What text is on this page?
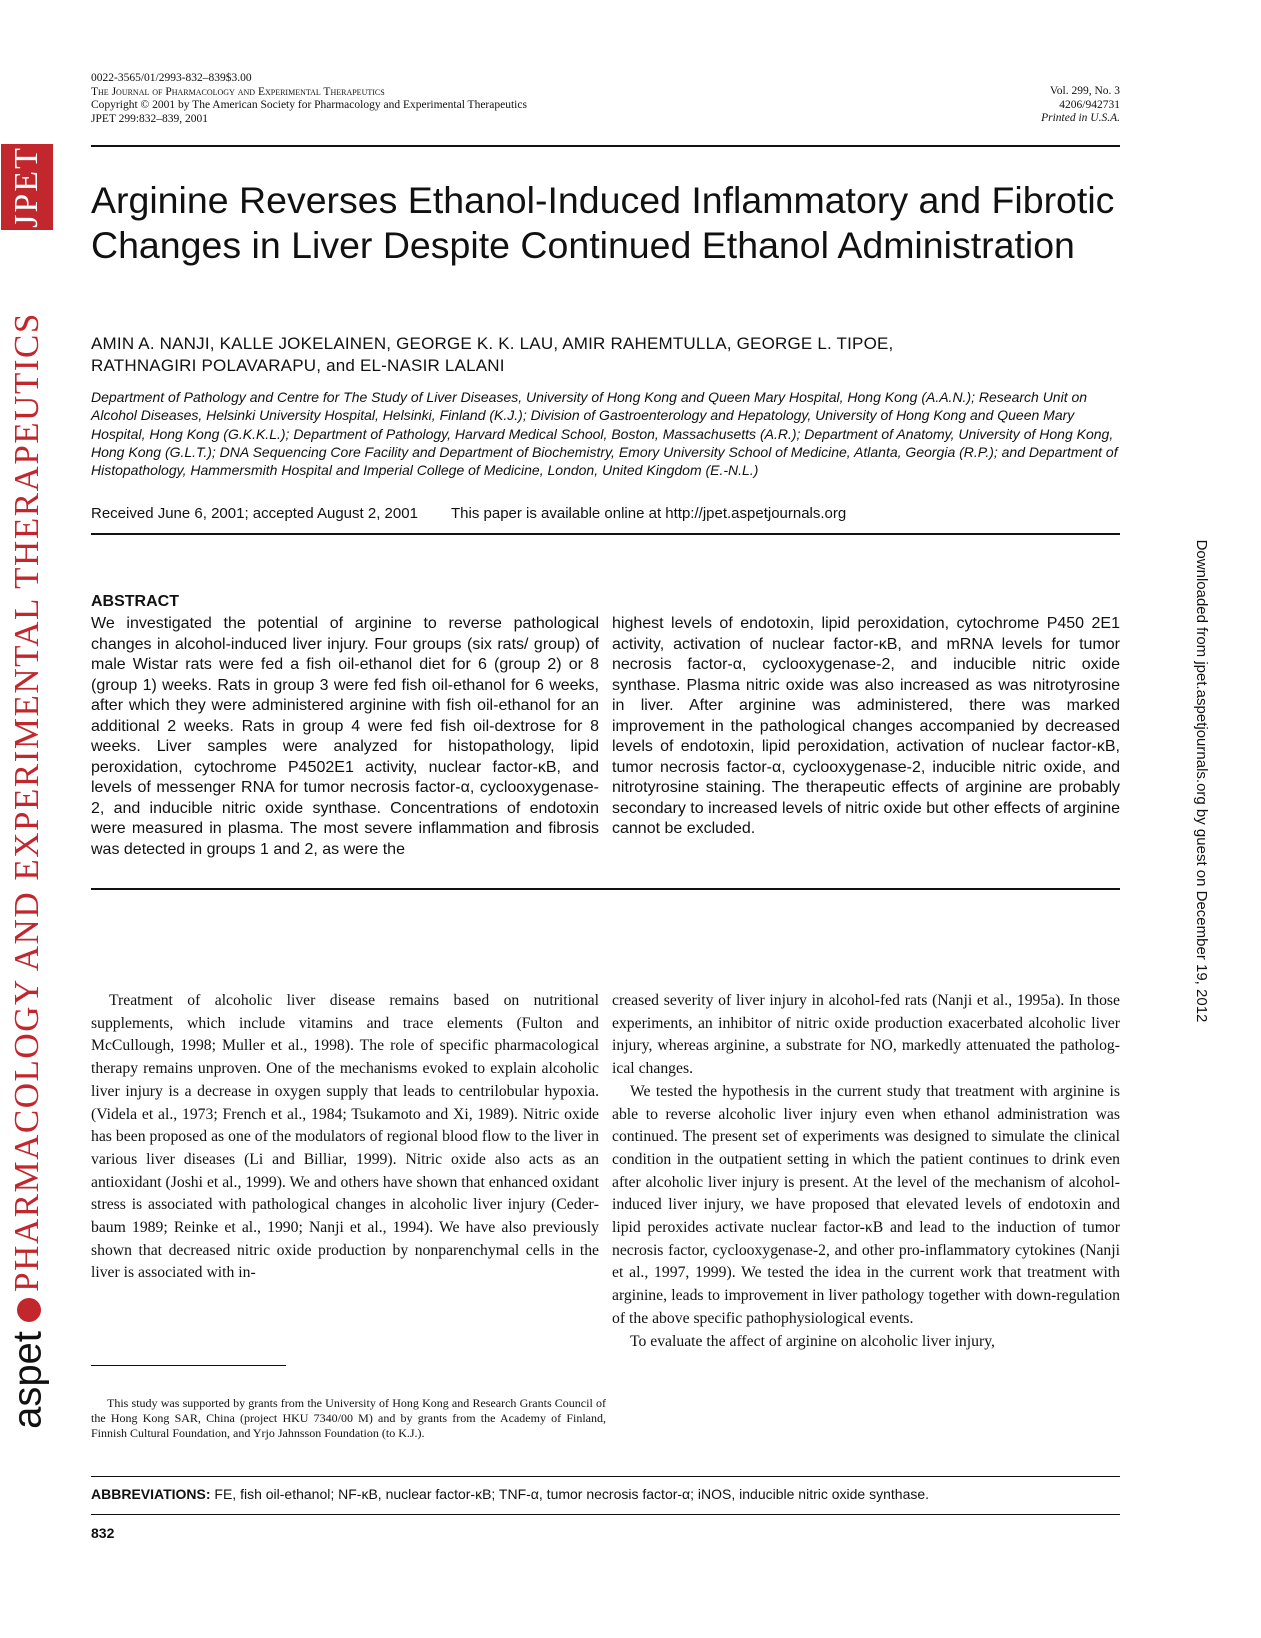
0022-3565/01/2993-832–839$3.00
The Journal of Pharmacology and Experimental Therapeutics
Copyright © 2001 by The American Society for Pharmacology and Experimental Therapeutics
JPET 299:832–839, 2001
Vol. 299, No. 3
4206/942731
Printed in U.S.A.
Arginine Reverses Ethanol-Induced Inflammatory and Fibrotic
Changes in Liver Despite Continued Ethanol Administration
AMIN A. NANJI, KALLE JOKELAINEN, GEORGE K. K. LAU, AMIR RAHEMTULLA, GEORGE L. TIPOE,
RATHNAGIRI POLAVARAPU, and EL-NASIR LALANI
Department of Pathology and Centre for The Study of Liver Diseases, University of Hong Kong and Queen Mary Hospital, Hong Kong (A.A.N.); Research Unit on Alcohol Diseases, Helsinki University Hospital, Helsinki, Finland (K.J.); Division of Gastroenterology and Hepatology, University of Hong Kong and Queen Mary Hospital, Hong Kong (G.K.K.L.); Department of Pathology, Harvard Medical School, Boston, Massachusetts (A.R.); Department of Anatomy, University of Hong Kong, Hong Kong (G.L.T.); DNA Sequencing Core Facility and Department of Biochemistry, Emory University School of Medicine, Atlanta, Georgia (R.P.); and Department of Histopathology, Hammersmith Hospital and Imperial College of Medicine, London, United Kingdom (E.-N.L.)
Received June 6, 2001; accepted August 2, 2001 This paper is available online at http://jpet.aspetjournals.org
ABSTRACT
We investigated the potential of arginine to reverse pathological changes in alcohol-induced liver injury. Four groups (six rats/ group) of male Wistar rats were fed a fish oil-ethanol diet for 6 (group 2) or 8 (group 1) weeks. Rats in group 3 were fed fish oil-ethanol for 6 weeks, after which they were administered arginine with fish oil-ethanol for an additional 2 weeks. Rats in group 4 were fed fish oil-dextrose for 8 weeks. Liver samples were analyzed for histopathology, lipid peroxidation, cytochrome P4502E1 activity, nuclear factor-κB, and levels of messenger RNA for tumor necrosis factor-α, cyclooxygenase-2, and inducible nitric oxide synthase. Concentrations of endotoxin were measured in plasma. The most severe inflammation and fibrosis was detected in groups 1 and 2, as were the
highest levels of endotoxin, lipid peroxidation, cytochrome P450 2E1 activity, activation of nuclear factor-κB, and mRNA levels for tumor necrosis factor-α, cyclooxygenase-2, and inducible nitric oxide synthase. Plasma nitric oxide was also increased as was nitrotyrosine in liver. After arginine was administered, there was marked improvement in the pathological changes accompanied by decreased levels of endotoxin, lipid peroxidation, activation of nuclear factor-κB, tumor necrosis factor-α, cyclooxygenase-2, inducible nitric oxide, and nitrotyrosine staining. The therapeutic effects of arginine are probably secondary to increased levels of nitric oxide but other effects of arginine cannot be excluded.

Treatment of alcoholic liver disease remains based on nutritional supplements, which include vitamins and trace elements (Fulton and McCullough, 1998; Muller et al., 1998). The role of specific pharmacological therapy remains unproven. One of the mechanisms evoked to explain alcoholic liver injury is a decrease in oxygen supply that leads to centrilobular hypoxia. (Videla et al., 1973; French et al., 1984; Tsukamoto and Xi, 1989). Nitric oxide has been proposed as one of the modulators of regional blood flow to the liver in various liver diseases (Li and Billiar, 1999). Nitric oxide also acts as an antioxidant (Joshi et al., 1999). We and others have shown that enhanced oxidant stress is associated with pathological changes in alcoholic liver injury (Cederbaum 1989; Reinke et al., 1990; Nanji et al., 1994). We have also previously shown that decreased nitric oxide production by nonparenchymal cells in the liver is associated with in-

creased severity of liver injury in alcohol-fed rats (Nanji et al., 1995a). In those experiments, an inhibitor of nitric oxide production exacerbated alcoholic liver injury, whereas arginine, a substrate for NO, markedly attenuated the pathological changes.

We tested the hypothesis in the current study that treatment with arginine is able to reverse alcoholic liver injury even when ethanol administration was continued. The present set of experiments was designed to simulate the clinical condition in the outpatient setting in which the patient continues to drink even after alcoholic liver injury is present. At the level of the mechanism of alcohol-induced liver injury, we have proposed that elevated levels of endotoxin and lipid peroxides activate nuclear factor-κB and lead to the induction of tumor necrosis factor, cyclooxygenase-2, and other pro-inflammatory cytokines (Nanji et al., 1997, 1999). We tested the idea in the current work that treatment with arginine, leads to improvement in liver pathology together with down-regulation of the above specific pathophysiological events.

To evaluate the affect of arginine on alcoholic liver injury,

This study was supported by grants from the University of Hong Kong and Research Grants Council of the Hong Kong SAR, China (project HKU 7340/00 M) and by grants from the Academy of Finland, Finnish Cultural Foundation, and Yrjo Jahnsson Foundation (to K.J.).
ABBREVIATIONS: FE, fish oil-ethanol; NF-κB, nuclear factor-κB; TNF-α, tumor necrosis factor-α; iNOS, inducible nitric oxide synthase.
832
JPET
PHARMACOLOGY AND EXPERIMENTAL THERAPEUTICS
aspet
Downloaded from jpet.aspetjournals.org by guest on December 19, 2012
